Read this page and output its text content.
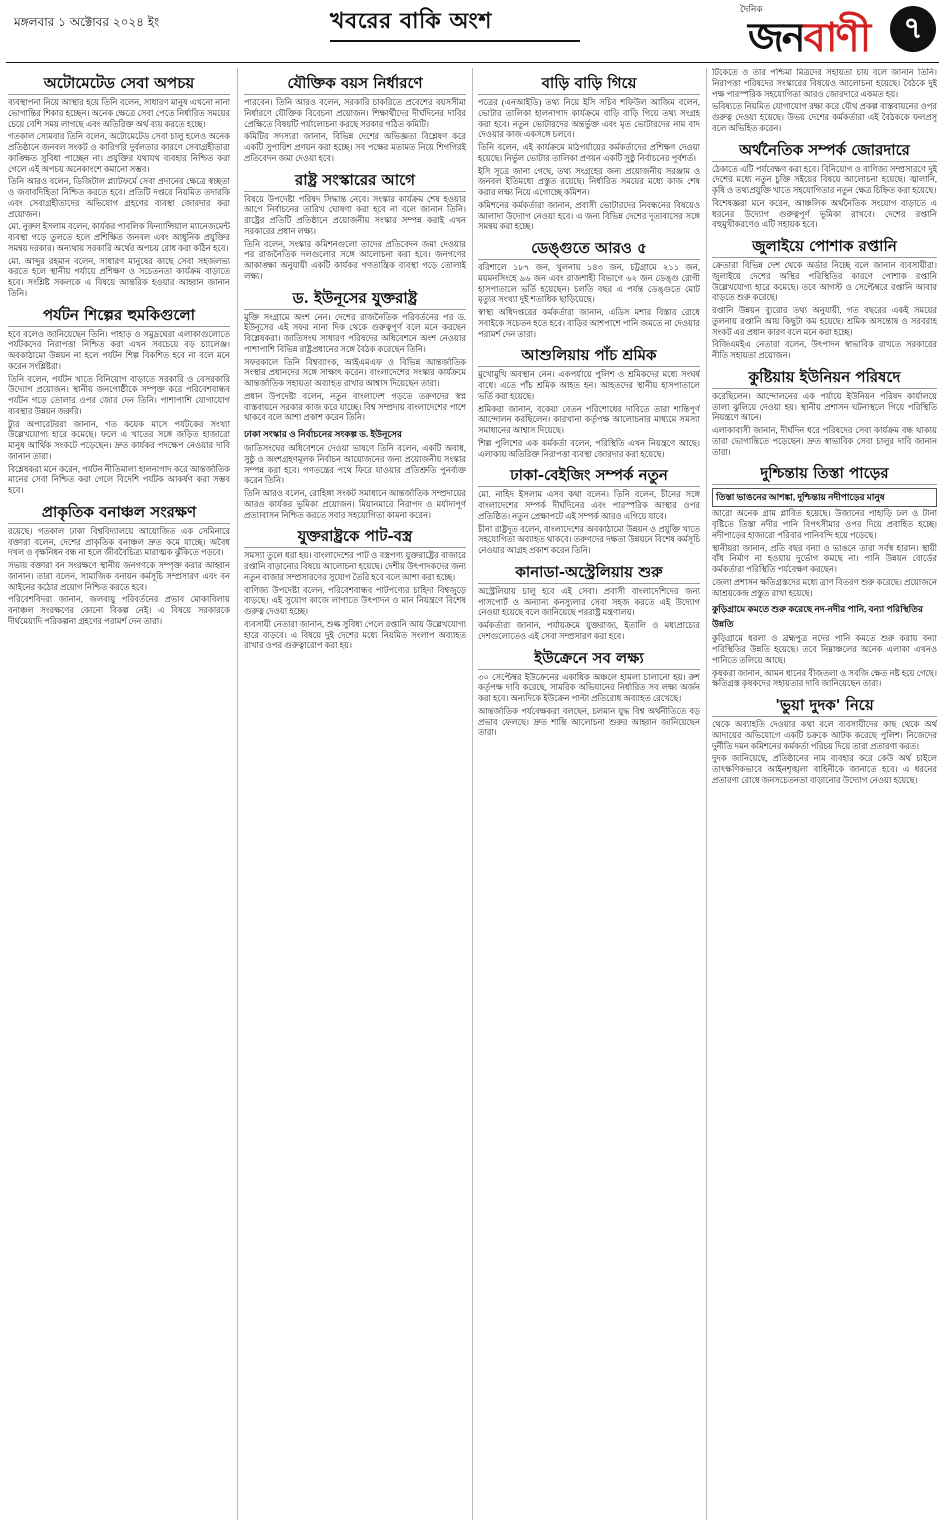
মঙ্গলবার ১ অক্টোবর ২০২৪ ইং	খবরের বাকি অংশ	দৈনিক
জনবাণী	৭
অটোমেটেড সেবা অপচয়

ব্যবস্থাপনা নিয়ে আস্থার হয়ে তিনি বলেন, সাধারণ মানুষ এখনো নানা ভোগান্তির শিকার হচ্ছেন। অনেক ক্ষেত্রে সেবা পেতে নির্ধারিত সময়ের চেয়ে বেশি সময় লাগছে এবং অতিরিক্ত অর্থ ব্যয় করতে হচ্ছে।

গতকাল সোমবার তিনি বলেন, অটোমেটেড সেবা চালু হলেও অনেক প্রতিষ্ঠানে জনবল সংকট ও কারিগরি দুর্বলতার কারণে সেবাগ্রহীতারা কাঙ্ক্ষিত সুবিধা পাচ্ছেন না। প্রযুক্তির যথাযথ ব্যবহার নিশ্চিত করা গেলে এই অপচয় অনেকাংশে কমানো সম্ভব।

তিনি আরও বলেন, ডিজিটাল প্ল্যাটফর্মে সেবা প্রদানের ক্ষেত্রে স্বচ্ছতা ও জবাবদিহিতা নিশ্চিত করতে হবে। প্রতিটি দপ্তরে নিয়মিত তদারকি এবং সেবাগ্রহীতাদের অভিযোগ গ্রহণের ব্যবস্থা জোরদার করা প্রয়োজন।

মো. নুরুল ইসলাম বলেন, কার্যকর পাবলিক ফিন্যান্সিয়াল ম্যানেজমেন্ট ব্যবস্থা গড়ে তুলতে হলে প্রশিক্ষিত জনবল এবং আধুনিক প্রযুক্তির সমন্বয় দরকার। অন্যথায় সরকারি অর্থের অপচয় রোধ করা কঠিন হবে।

মো. আব্দুর রহমান বলেন, সাধারণ মানুষের কাছে সেবা সহজলভ্য করতে হলে স্থানীয় পর্যায়ে প্রশিক্ষণ ও সচেতনতা কার্যক্রম বাড়াতে হবে। সংশ্লিষ্ট সকলকে এ বিষয়ে আন্তরিক হওয়ার আহ্বান জানান তিনি।

পর্যটন শিল্পের হুমকিগুলো

হবে বলেও জানিয়েছেন তিনি। পাহাড় ও সমুদ্রঘেরা এলাকাগুলোতে পর্যটকদের নিরাপত্তা নিশ্চিত করা এখন সবচেয়ে বড় চ্যালেঞ্জ। অবকাঠামো উন্নয়ন না হলে পর্যটন শিল্প বিকশিত হবে না বলে মনে করেন সংশ্লিষ্টরা।

তিনি বলেন, পর্যটন খাতে বিনিয়োগ বাড়াতে সরকারি ও বেসরকারি উদ্যোগ প্রয়োজন। স্থানীয় জনগোষ্ঠীকে সম্পৃক্ত করে পরিবেশবান্ধব পর্যটন গড়ে তোলার ওপর জোর দেন তিনি। পাশাপাশি যোগাযোগ ব্যবস্থার উন্নয়ন জরুরি।

ট্যুর অপারেটররা জানান, গত কয়েক মাসে পর্যটকের সংখ্যা উল্লেখযোগ্য হারে কমেছে। ফলে এ খাতের সঙ্গে জড়িত হাজারো মানুষ আর্থিক সংকটে পড়েছেন। দ্রুত কার্যকর পদক্ষেপ নেওয়ার দাবি জানান তারা।

বিশ্লেষকরা মনে করেন, পর্যটন নীতিমালা হালনাগাদ করে আন্তর্জাতিক মানের সেবা নিশ্চিত করা গেলে বিদেশি পর্যটক আকর্ষণ করা সম্ভব হবে।

প্রাকৃতিক বনাঞ্চল সংরক্ষণ

রয়েছে। গতকাল ঢাকা বিশ্ববিদ্যালয়ে আয়োজিত এক সেমিনারে বক্তারা বলেন, দেশের প্রাকৃতিক বনাঞ্চল দ্রুত কমে যাচ্ছে। অবৈধ দখল ও বৃক্ষনিধন বন্ধ না হলে জীববৈচিত্র্য মারাত্মক ঝুঁকিতে পড়বে।

সভায় বক্তারা বন সংরক্ষণে স্থানীয় জনগণকে সম্পৃক্ত করার আহ্বান জানান। তারা বলেন, সামাজিক বনায়ন কর্মসূচি সম্প্রসারণ এবং বন আইনের কঠোর প্রয়োগ নিশ্চিত করতে হবে।

পরিবেশবিদরা জানান, জলবায়ু পরিবর্তনের প্রভাব মোকাবিলায় বনাঞ্চল সংরক্ষণের কোনো বিকল্প নেই। এ বিষয়ে সরকারকে দীর্ঘমেয়াদি পরিকল্পনা গ্রহণের পরামর্শ দেন তারা।

যৌক্তিক বয়স নির্ধারণে

পারবেন। তিনি আরও বলেন, সরকারি চাকরিতে প্রবেশের বয়সসীমা নির্ধারণে যৌক্তিক বিবেচনা প্রয়োজন। শিক্ষার্থীদের দীর্ঘদিনের দাবির প্রেক্ষিতে বিষয়টি পর্যালোচনা করছে সরকার গঠিত কমিটি।

কমিটির সদস্যরা জানান, বিভিন্ন দেশের অভিজ্ঞতা বিশ্লেষণ করে একটি সুপারিশ প্রণয়ন করা হচ্ছে। সব পক্ষের মতামত নিয়ে শিগগিরই প্রতিবেদন জমা দেওয়া হবে।

রাষ্ট্র সংস্কারের আগে

বিষয়ে উপদেষ্টা পরিষদ সিদ্ধান্ত নেবে। সংস্কার কার্যক্রম শেষ হওয়ার আগে নির্বাচনের তারিখ ঘোষণা করা হবে না বলে জানান তিনি। রাষ্ট্রের প্রতিটি প্রতিষ্ঠানে প্রয়োজনীয় সংস্কার সম্পন্ন করাই এখন সরকারের প্রধান লক্ষ্য।

তিনি বলেন, সংস্কার কমিশনগুলো তাদের প্রতিবেদন জমা দেওয়ার পর রাজনৈতিক দলগুলোর সঙ্গে আলোচনা করা হবে। জনগণের আকাঙ্ক্ষা অনুযায়ী একটি কার্যকর গণতান্ত্রিক ব্যবস্থা গড়ে তোলাই লক্ষ্য।

ড. ইউনূসের যুক্তরাষ্ট্র

মুক্তি সংগ্রামে অংশ নেন। দেশের রাজনৈতিক পরিবর্তনের পর ড. ইউনূসের এই সফর নানা দিক থেকে গুরুত্বপূর্ণ বলে মনে করছেন বিশ্লেষকরা। জাতিসংঘ সাধারণ পরিষদের অধিবেশনে অংশ নেওয়ার পাশাপাশি বিভিন্ন রাষ্ট্রপ্রধানের সঙ্গে বৈঠক করেছেন তিনি।

সফরকালে তিনি বিশ্বব্যাংক, আইএমএফ ও বিভিন্ন আন্তর্জাতিক সংস্থার প্রধানদের সঙ্গে সাক্ষাৎ করেন। বাংলাদেশের সংস্কার কার্যক্রমে আন্তর্জাতিক সহায়তা অব্যাহত রাখার আশ্বাস দিয়েছেন তারা।

প্রধান উপদেষ্টা বলেন, নতুন বাংলাদেশ গড়তে তরুণদের স্বপ্ন বাস্তবায়নে সরকার কাজ করে যাচ্ছে। বিশ্ব সম্প্রদায় বাংলাদেশের পাশে থাকবে বলে আশা প্রকাশ করেন তিনি।

ঢাকা সংস্কার ও নির্বাচনের সংকল্প ড. ইউনূসের

জাতিসংঘের অধিবেশনে দেওয়া ভাষণে তিনি বলেন, একটি অবাধ, সুষ্ঠু ও অংশগ্রহণমূলক নির্বাচন আয়োজনের জন্য প্রয়োজনীয় সংস্কার সম্পন্ন করা হবে। গণতন্ত্রের পথে ফিরে যাওয়ার প্রতিশ্রুতি পুনর্ব্যক্ত করেন তিনি।

তিনি আরও বলেন, রোহিঙ্গা সংকট সমাধানে আন্তর্জাতিক সম্প্রদায়ের আরও কার্যকর ভূমিকা প্রয়োজন। মিয়ানমারে নিরাপদ ও মর্যাদাপূর্ণ প্রত্যাবাসন নিশ্চিত করতে সবার সহযোগিতা কামনা করেন।

যুক্তরাষ্ট্রকে পাট-বস্ত্র

সমস্যা তুলে ধরা হয়। বাংলাদেশের পাট ও বস্ত্রপণ্য যুক্তরাষ্ট্রের বাজারে রপ্তানি বাড়ানোর বিষয়ে আলোচনা হয়েছে। দেশীয় উৎপাদকদের জন্য নতুন বাজার সম্প্রসারণের সুযোগ তৈরি হবে বলে আশা করা হচ্ছে।

বাণিজ্য উপদেষ্টা বলেন, পরিবেশবান্ধব পাটপণ্যের চাহিদা বিশ্বজুড়ে বাড়ছে। এই সুযোগ কাজে লাগাতে উৎপাদন ও মান নিয়ন্ত্রণে বিশেষ গুরুত্ব দেওয়া হচ্ছে।

ব্যবসায়ী নেতারা জানান, শুল্ক সুবিধা পেলে রপ্তানি আয় উল্লেখযোগ্য হারে বাড়বে। এ বিষয়ে দুই দেশের মধ্যে নিয়মিত সংলাপ অব্যাহত রাখার ওপর গুরুত্বারোপ করা হয়।

বাড়ি বাড়ি গিয়ে

পত্রের (এনআইডি) তথ্য নিয়ে ইসি সচিব শফিউল আজিম বলেন, ভোটার তালিকা হালনাগাদ কার্যক্রমে বাড়ি বাড়ি গিয়ে তথ্য সংগ্রহ করা হবে। নতুন ভোটারদের অন্তর্ভুক্ত এবং মৃত ভোটারদের নাম বাদ দেওয়ার কাজ একসঙ্গে চলবে।

তিনি বলেন, এই কার্যক্রমে মাঠপর্যায়ের কর্মকর্তাদের প্রশিক্ষণ দেওয়া হয়েছে। নির্ভুল ভোটার তালিকা প্রণয়ন একটি সুষ্ঠু নির্বাচনের পূর্বশর্ত।

ইসি সূত্রে জানা গেছে, তথ্য সংগ্রহের জন্য প্রয়োজনীয় সরঞ্জাম ও জনবল ইতিমধ্যে প্রস্তুত রয়েছে। নির্ধারিত সময়ের মধ্যে কাজ শেষ করার লক্ষ্য নিয়ে এগোচ্ছে কমিশন।

কমিশনের কর্মকর্তারা জানান, প্রবাসী ভোটারদের নিবন্ধনের বিষয়েও আলাদা উদ্যোগ নেওয়া হবে। এ জন্য বিভিন্ন দেশের দূতাবাসের সঙ্গে সমন্বয় করা হচ্ছে।

ডেঙ্গুতে আরও ৫

বরিশালে ১৮৭ জন, খুলনায় ১৪৩ জন, চট্টগ্রামে ২১১ জন, ময়মনসিংহে ৯৬ জন এবং রাজশাহী বিভাগে ৬২ জন ডেঙ্গু রোগী হাসপাতালে ভর্তি হয়েছেন। চলতি বছর এ পর্যন্ত ডেঙ্গুতে মোট মৃত্যুর সংখ্যা দুই শতাধিক ছাড়িয়েছে।

স্বাস্থ্য অধিদপ্তরের কর্মকর্তারা জানান, এডিস মশার বিস্তার রোধে সবাইকে সচেতন হতে হবে। বাড়ির আশপাশে পানি জমতে না দেওয়ার পরামর্শ দেন তারা।

আশুলিয়ায় পাঁচ শ্রমিক

মুখোমুখি অবস্থান নেন। একপর্যায়ে পুলিশ ও শ্রমিকদের মধ্যে সংঘর্ষ বাধে। এতে পাঁচ শ্রমিক আহত হন। আহতদের স্থানীয় হাসপাতালে ভর্তি করা হয়েছে।

শ্রমিকরা জানান, বকেয়া বেতন পরিশোধের দাবিতে তারা শান্তিপূর্ণ আন্দোলন করছিলেন। কারখানা কর্তৃপক্ষ আলোচনার মাধ্যমে সমস্যা সমাধানের আশ্বাস দিয়েছে।

শিল্প পুলিশের এক কর্মকর্তা বলেন, পরিস্থিতি এখন নিয়ন্ত্রণে আছে। এলাকায় অতিরিক্ত নিরাপত্তা ব্যবস্থা জোরদার করা হয়েছে।

ঢাকা-বেইজিং সম্পর্ক নতুন

মো. নাহিদ ইসলাম এসব কথা বলেন। তিনি বলেন, চীনের সঙ্গে বাংলাদেশের সম্পর্ক দীর্ঘদিনের এবং পারস্পরিক আস্থার ওপর প্রতিষ্ঠিত। নতুন প্রেক্ষাপটে এই সম্পর্ক আরও এগিয়ে যাবে।

চীনা রাষ্ট্রদূত বলেন, বাংলাদেশের অবকাঠামো উন্নয়ন ও প্রযুক্তি খাতে সহযোগিতা অব্যাহত থাকবে। তরুণদের দক্ষতা উন্নয়নে বিশেষ কর্মসূচি নেওয়ার আগ্রহ প্রকাশ করেন তিনি।

কানাডা-অস্ট্রেলিয়ায় শুরু

অস্ট্রেলিয়ায় চালু হবে এই সেবা। প্রবাসী বাংলাদেশিদের জন্য পাসপোর্ট ও অন্যান্য কনস্যুলার সেবা সহজ করতে এই উদ্যোগ নেওয়া হয়েছে বলে জানিয়েছে পররাষ্ট্র মন্ত্রণালয়।

কর্মকর্তারা জানান, পর্যায়ক্রমে যুক্তরাজ্য, ইতালি ও মধ্যপ্রাচ্যের দেশগুলোতেও এই সেবা সম্প্রসারণ করা হবে।

ইউক্রেনে সব লক্ষ্য

৩০ সেপ্টেম্বর ইউক্রেনের একাধিক অঞ্চলে হামলা চালানো হয়। রুশ কর্তৃপক্ষ দাবি করেছে, সামরিক অভিযানের নির্ধারিত সব লক্ষ্য অর্জন করা হবে। অন্যদিকে ইউক্রেন পাল্টা প্রতিরোধ অব্যাহত রেখেছে।

আন্তর্জাতিক পর্যবেক্ষকরা বলছেন, চলমান যুদ্ধ বিশ্ব অর্থনীতিতে বড় প্রভাব ফেলছে। দ্রুত শান্তি আলোচনা শুরুর আহ্বান জানিয়েছেন তারা।

টিকেতে ও তার পশ্চিমা মিত্রদের সহায়তা চায় বলে জানান তিনি। নিরাপত্তা পরিষদের সংস্কারের বিষয়েও আলোচনা হয়েছে। বৈঠকে দুই পক্ষ পারস্পরিক সহযোগিতা আরও জোরদারে একমত হয়।

ভবিষ্যতে নিয়মিত যোগাযোগ রক্ষা করে যৌথ প্রকল্প বাস্তবায়নের ওপর গুরুত্ব দেওয়া হয়েছে। উভয় দেশের কর্মকর্তারা এই বৈঠককে ফলপ্রসূ বলে অভিহিত করেন।

অর্থনৈতিক সম্পর্ক জোরদারে

ঠেকাতে এটি পর্যবেক্ষণ করা হবে। বিনিয়োগ ও বাণিজ্য সম্প্রসারণে দুই দেশের মধ্যে নতুন চুক্তি সইয়ের বিষয়ে আলোচনা হয়েছে। জ্বালানি, কৃষি ও তথ্যপ্রযুক্তি খাতে সহযোগিতার নতুন ক্ষেত্র চিহ্নিত করা হয়েছে।

বিশেষজ্ঞরা মনে করেন, আঞ্চলিক অর্থনৈতিক সংযোগ বাড়াতে এ ধরনের উদ্যোগ গুরুত্বপূর্ণ ভূমিকা রাখবে। দেশের রপ্তানি বহুমুখীকরণেও এটি সহায়ক হবে।

জুলাইয়ে পোশাক রপ্তানি

ক্রেতারা বিভিন্ন দেশ থেকে অর্ডার নিচ্ছে বলে জানান ব্যবসায়ীরা। জুলাইয়ে দেশের অস্থির পরিস্থিতির কারণে পোশাক রপ্তানি উল্লেখযোগ্য হারে কমেছে। তবে আগস্ট ও সেপ্টেম্বরে রপ্তানি আবার বাড়তে শুরু করেছে।

রপ্তানি উন্নয়ন ব্যুরোর তথ্য অনুযায়ী, গত বছরের একই সময়ের তুলনায় রপ্তানি আয় কিছুটা কম হয়েছে। শ্রমিক অসন্তোষ ও সরবরাহ সংকট এর প্রধান কারণ বলে মনে করা হচ্ছে।

বিজিএমইএ নেতারা বলেন, উৎপাদন স্বাভাবিক রাখতে সরকারের নীতি সহায়তা প্রয়োজন।

কুষ্টিয়ায় ইউনিয়ন পরিষদে

করেছিলেন। আন্দোলনের এক পর্যায়ে ইউনিয়ন পরিষদ কার্যালয়ে তালা ঝুলিয়ে দেওয়া হয়। স্থানীয় প্রশাসন ঘটনাস্থলে গিয়ে পরিস্থিতি নিয়ন্ত্রণে আনে।

এলাকাবাসী জানান, দীর্ঘদিন ধরে পরিষদের সেবা কার্যক্রম বন্ধ থাকায় তারা ভোগান্তিতে পড়েছেন। দ্রুত স্বাভাবিক সেবা চালুর দাবি জানান তারা।

দুশ্চিন্তায় তিস্তা পাড়ের
তিস্তা ভাঙনের আশঙ্কা, দুশ্চিন্তায় নদীপাড়ের মানুষ

আরো অনেক গ্রাম প্লাবিত হয়েছে। উজানের পাহাড়ি ঢল ও টানা বৃষ্টিতে তিস্তা নদীর পানি বিপৎসীমার ওপর দিয়ে প্রবাহিত হচ্ছে। নদীপাড়ের হাজারো পরিবার পানিবন্দি হয়ে পড়েছে।

স্থানীয়রা জানান, প্রতি বছর বন্যা ও ভাঙনে তারা সর্বস্ব হারান। স্থায়ী বাঁধ নির্মাণ না হওয়ায় দুর্ভোগ কমছে না। পানি উন্নয়ন বোর্ডের কর্মকর্তারা পরিস্থিতি পর্যবেক্ষণ করছেন।

জেলা প্রশাসন ক্ষতিগ্রস্তদের মধ্যে ত্রাণ বিতরণ শুরু করেছে। প্রয়োজনে আশ্রয়কেন্দ্র প্রস্তুত রাখা হয়েছে।

কুড়িগ্রামে কমতে শুরু করেছে নদ-নদীর পানি, বন্যা পরিস্থিতির উন্নতি

কুড়িগ্রামে ধরলা ও ব্রহ্মপুত্র নদের পানি কমতে শুরু করায় বন্যা পরিস্থিতির উন্নতি হয়েছে। তবে নিম্নাঞ্চলের অনেক এলাকা এখনও পানিতে তলিয়ে আছে।

কৃষকরা জানান, আমন ধানের বীজতলা ও সবজি ক্ষেত নষ্ট হয়ে গেছে। ক্ষতিগ্রস্ত কৃষকদের সহায়তার দাবি জানিয়েছেন তারা।

'ভুয়া দুদক' নিয়ে

থেকে অব্যাহতি দেওয়ার কথা বলে ব্যবসায়ীদের কাছ থেকে অর্থ আদায়ের অভিযোগে একটি চক্রকে আটক করেছে পুলিশ। নিজেদের দুর্নীতি দমন কমিশনের কর্মকর্তা পরিচয় দিয়ে তারা প্রতারণা করত।

দুদক জানিয়েছে, প্রতিষ্ঠানের নাম ব্যবহার করে কেউ অর্থ চাইলে তাৎক্ষণিকভাবে আইনশৃঙ্খলা বাহিনীকে জানাতে হবে। এ ধরনের প্রতারণা রোধে জনসচেতনতা বাড়ানোর উদ্যোগ নেওয়া হয়েছে।
